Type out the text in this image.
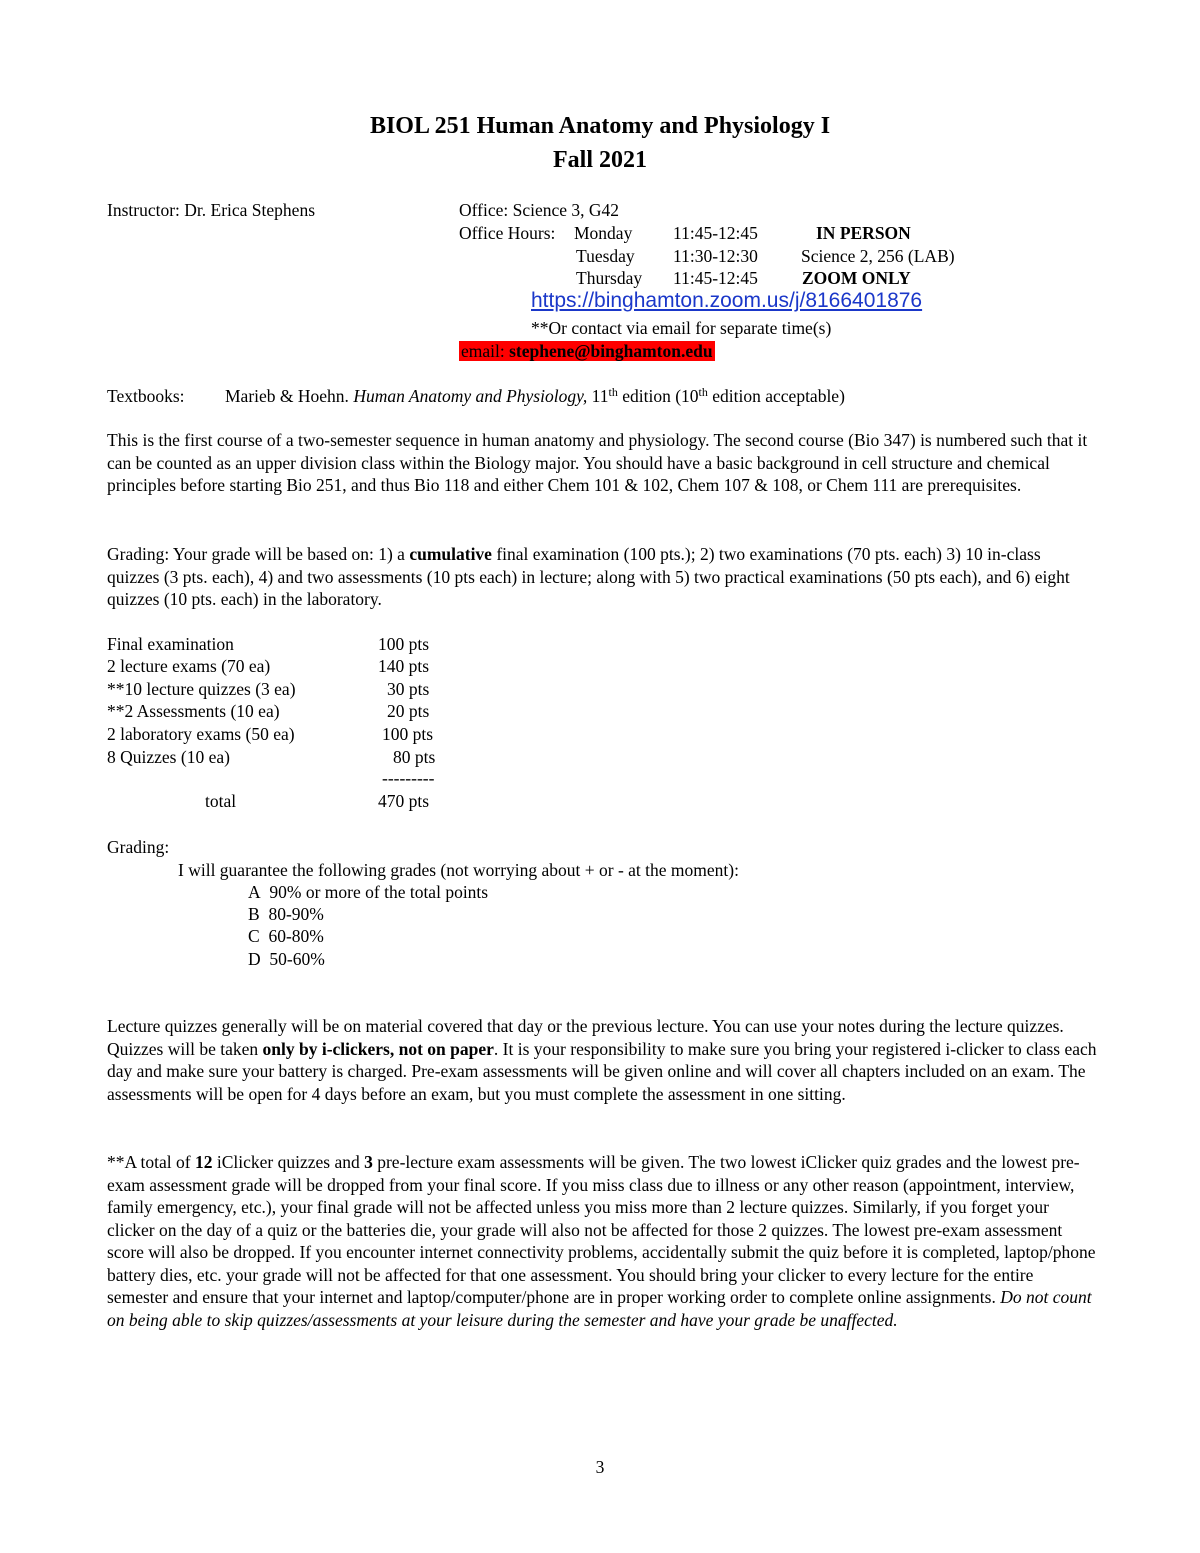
BIOL 251 Human Anatomy and Physiology I
Fall 2021
Instructor: Dr. Erica Stephens	Office: Science 3, G42
Office Hours: Monday 11:45-12:45	IN PERSON
Tuesday 11:30-12:30 Science 2, 256 (LAB)
Thursday 11:45-12:45	ZOOM ONLY
https://binghamton.zoom.us/j/8166401876
**Or contact via email for separate time(s)
email: stephene@binghamton.edu
Textbooks: Marieb & Hoehn. Human Anatomy and Physiology, 11th edition (10th edition acceptable)
This is the first course of a two-semester sequence in human anatomy and physiology. The second course (Bio 347) is numbered such that it can be counted as an upper division class within the Biology major. You should have a basic background in cell structure and chemical principles before starting Bio 251, and thus Bio 118 and either Chem 101 & 102, Chem 107 & 108, or Chem 111 are prerequisites.
Grading: Your grade will be based on: 1) a cumulative final examination (100 pts.); 2) two examinations (70 pts. each) 3) 10 in-class quizzes (3 pts. each), 4) and two assessments (10 pts each) in lecture; along with 5) two practical examinations (50 pts each), and 6) eight quizzes (10 pts. each) in the laboratory.
Final examination	100 pts
2 lecture exams (70 ea)	140 pts
**10 lecture quizzes (3 ea)	30 pts
**2 Assessments (10 ea)	20 pts
2 laboratory exams (50 ea)	100 pts
8 Quizzes (10 ea)	80 pts
---------
total	470 pts
Grading:
I will guarantee the following grades (not worrying about + or - at the moment):
A 90% or more of the total points
B 80-90%
C 60-80%
D 50-60%
Lecture quizzes generally will be on material covered that day or the previous lecture. You can use your notes during the lecture quizzes. Quizzes will be taken only by i-clickers, not on paper. It is your responsibility to make sure you bring your registered i-clicker to class each day and make sure your battery is charged. Pre-exam assessments will be given online and will cover all chapters included on an exam. The assessments will be open for 4 days before an exam, but you must complete the assessment in one sitting.
**A total of 12 iClicker quizzes and 3 pre-lecture exam assessments will be given. The two lowest iClicker quiz grades and the lowest pre-exam assessment grade will be dropped from your final score. If you miss class due to illness or any other reason (appointment, interview, family emergency, etc.), your final grade will not be affected unless you miss more than 2 lecture quizzes. Similarly, if you forget your clicker on the day of a quiz or the batteries die, your grade will also not be affected for those 2 quizzes. The lowest pre-exam assessment score will also be dropped. If you encounter internet connectivity problems, accidentally submit the quiz before it is completed, laptop/phone battery dies, etc. your grade will not be affected for that one assessment. You should bring your clicker to every lecture for the entire semester and ensure that your internet and laptop/computer/phone are in proper working order to complete online assignments. Do not count on being able to skip quizzes/assessments at your leisure during the semester and have your grade be unaffected.
3
